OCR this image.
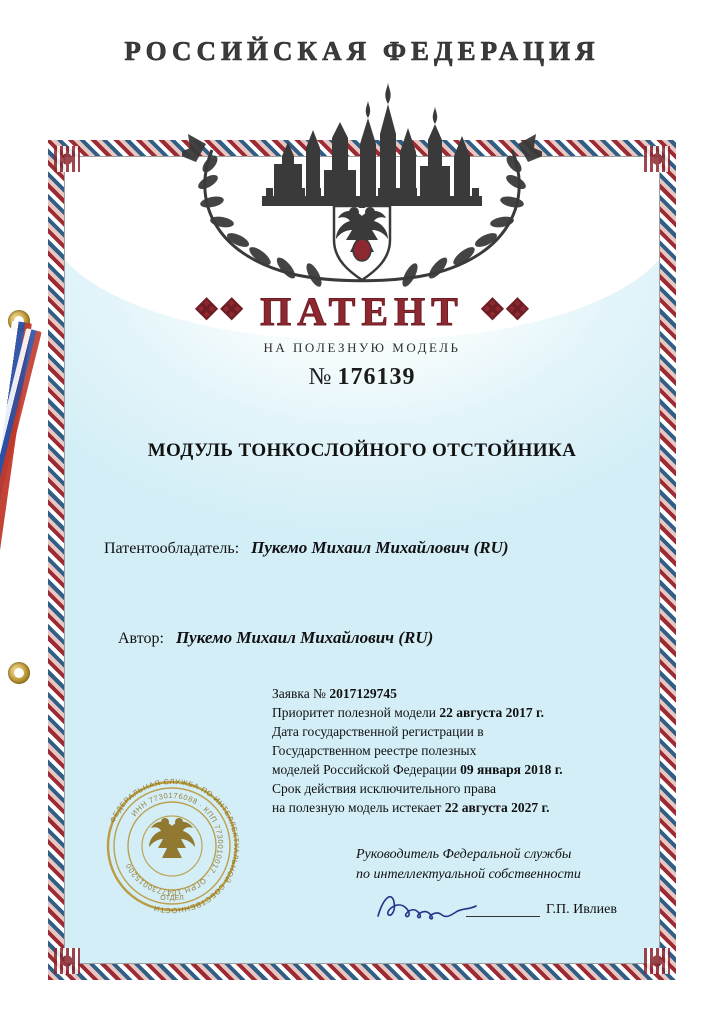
РОССИЙСКАЯ ФЕДЕРАЦИЯ
❖❖ ПАТЕНТ ❖❖
НА ПОЛЕЗНУЮ МОДЕЛЬ
№ 176139
МОДУЛЬ ТОНКОСЛОЙНОГО ОТСТОЙНИКА
Патентообладатель: Пукемо Михаил Михайлович (RU)
Автор: Пукемо Михаил Михайлович (RU)
Заявка № 2017129745
Приоритет полезной модели 22 августа 2017 г.
Дата государственной регистрации в
Государственном реестре полезных
моделей Российской Федерации 09 января 2018 г.
Срок действия исключительного права
на полезную модель истекает 22 августа 2027 г.
Руководитель Федеральной службы
по интеллектуальной собственности
Г.П. Ивлиев
ФЕДЕРАЛЬНАЯ СЛУЖБА ПО ИНТЕЛЛЕКТУАЛЬНОЙ СОБСТВЕННОСТИ
ИНН 7730176088 · КПП 7730010017 · ОГРН 1047730015200
ОТДЕЛ
